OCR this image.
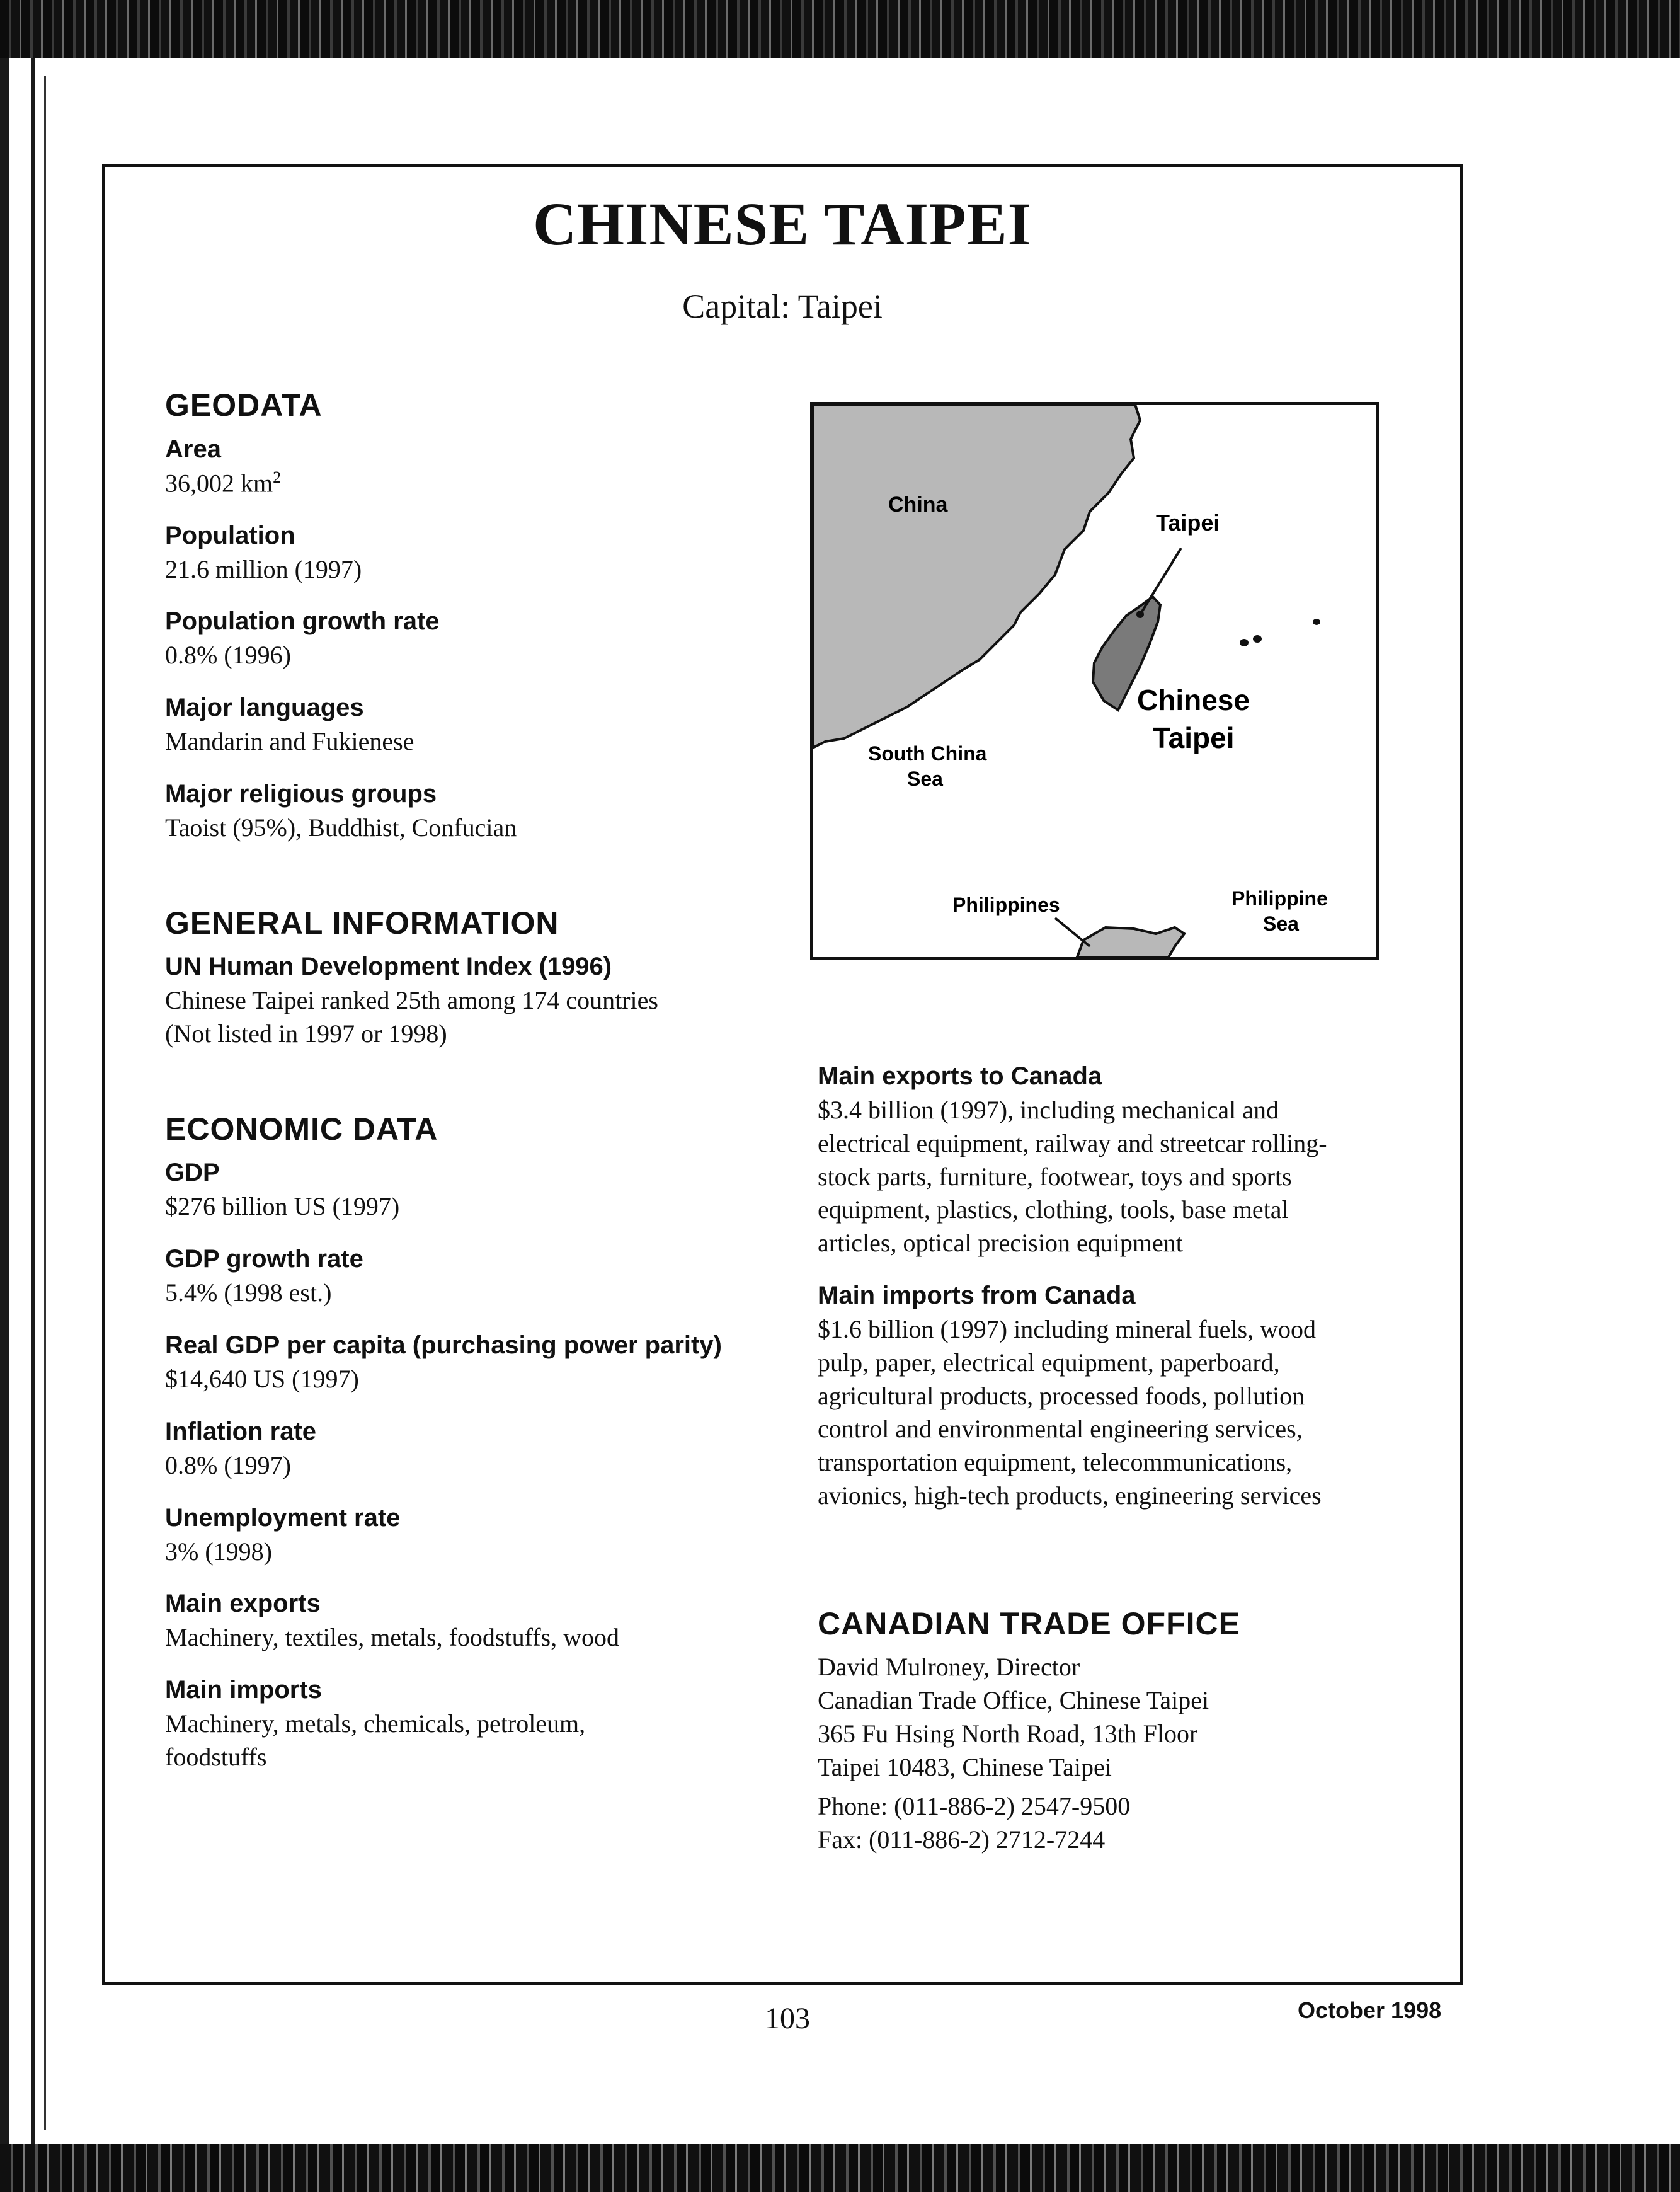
CHINESE TAIPEI

Capital: Taipei

GEODATA

Area

36,002 $km^2$

Population

21.6 million (1997)

Population growth rate

0.8% (1996)

Major languages

Mandarin and Fukienese

Major religious groups

Taoist (95%), Buddhist, Confucian

GENERAL INFORMATION

UN Human Development Index (1996)

Chinese Taipei ranked 25th among 174 countries
(Not listed in 1997 or 1998)

ECONOMIC DATA

GDP

$276 billion US (1997)

GDP growth rate

5.4% (1998 est.)

Real GDP per capita (purchasing power parity)

$14,640 US (1997)

Inflation rate

0.8% (1997)

Unemployment rate

3% (1998)

Main exports

Machinery, textiles, metals, foodstuffs, wood

Main imports

Machinery, metals, chemicals, petroleum,
foodstuffs

China
Taipei
Chinese
Taipei
South China
Sea
Philippines	Philippine
Sea

Main exports to Canada

$3.4 billion (1997), including mechanical and
electrical equipment, railway and streetcar rolling-
stock parts, furniture, footwear, toys and sports
equipment, plastics, clothing, tools, base metal
articles, optical precision equipment

Main imports from Canada

$1.6 billion (1997) including mineral fuels, wood
pulp, paper, electrical equipment, paperboard,
agricultural products, processed foods, pollution
control and environmental engineering services,
transportation equipment, telecommunications,
avionics, high-tech products, engineering services

CANADIAN TRADE OFFICE

David Mulroney, Director
Canadian Trade Office, Chinese Taipei
365 Fu Hsing North Road, 13th Floor
Taipei 10483, Chinese Taipei

Phone: (011-886-2) 2547-9500
Fax: (011-886-2) 2712-7244

103	October 1998
